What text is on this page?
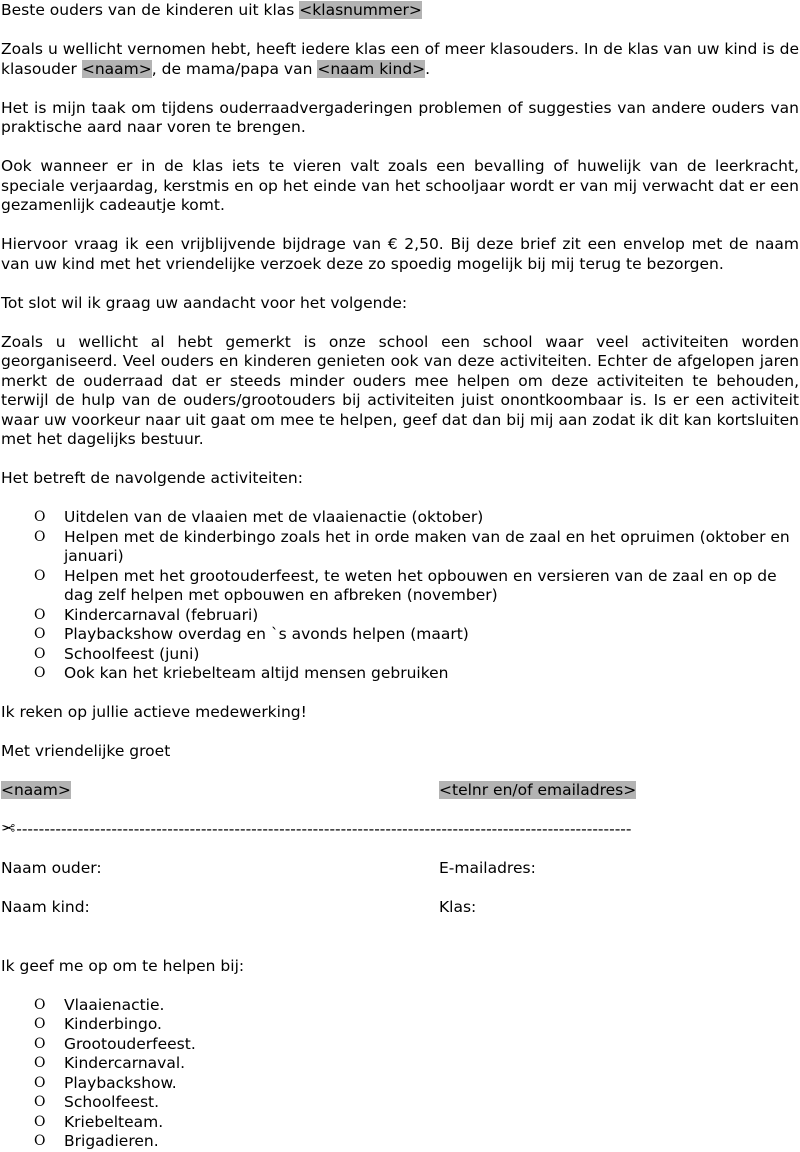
Beste ouders van de kinderen uit klas <klasnummer>

Zoals u wellicht vernomen hebt, heeft iedere klas een of meer klasouders. In de klas van uw kind is de klasouder <naam>, de mama/papa van <naam kind>.

Het is mijn taak om tijdens ouderraadvergaderingen problemen of suggesties van andere ouders van praktische aard naar voren te brengen.

Ook wanneer er in de klas iets te vieren valt zoals een bevalling of huwelijk van de leerkracht, speciale verjaardag, kerstmis en op het einde van het schooljaar wordt er van mij verwacht dat er een gezamenlijk cadeautje komt.

Hiervoor vraag ik een vrijblijvende bijdrage van € 2,50. Bij deze brief zit een envelop met de naam van uw kind met het vriendelijke verzoek deze zo spoedig mogelijk bij mij terug te bezorgen.

Tot slot wil ik graag uw aandacht voor het volgende:

Zoals u wellicht al hebt gemerkt is onze school een school waar veel activiteiten worden georganiseerd. Veel ouders en kinderen genieten ook van deze activiteiten. Echter de afgelopen jaren merkt de ouderraad dat er steeds minder ouders mee helpen om deze activiteiten te behouden, terwijl de hulp van de ouders/grootouders bij activiteiten juist onontkoombaar is. Is er een activiteit waar uw voorkeur naar uit gaat om mee te helpen, geef dat dan bij mij aan zodat ik dit kan kortsluiten met het dagelijks bestuur.

Het betreft de navolgende activiteiten:

O Uitdelen van de vlaaien met de vlaaienactie (oktober)
O Helpen met de kinderbingo zoals het in orde maken van de zaal en het opruimen (oktober en januari)
O Helpen met het grootouderfeest, te weten het opbouwen en versieren van de zaal en op de dag zelf helpen met opbouwen en afbreken (november)
O Kindercarnaval (februari)
O Playbackshow overdag en `s avonds helpen (maart)
O Schoolfeest (juni)
O Ook kan het kriebelteam altijd mensen gebruiken

Ik reken op jullie actieve medewerking!

Met vriendelijke groet

<naam>	<telnr en/of emailadres>
✂ --------------------------------------------------------------------------------------------------------------
Naam ouder:	E-mailadres:
Naam kind:	Klas:

Ik geef me op om te helpen bij:

O Vlaaienactie.
O Kinderbingo.
O Grootouderfeest.
O Kindercarnaval.
O Playbackshow.
O Schoolfeest.
O Kriebelteam.
O Brigadieren.
